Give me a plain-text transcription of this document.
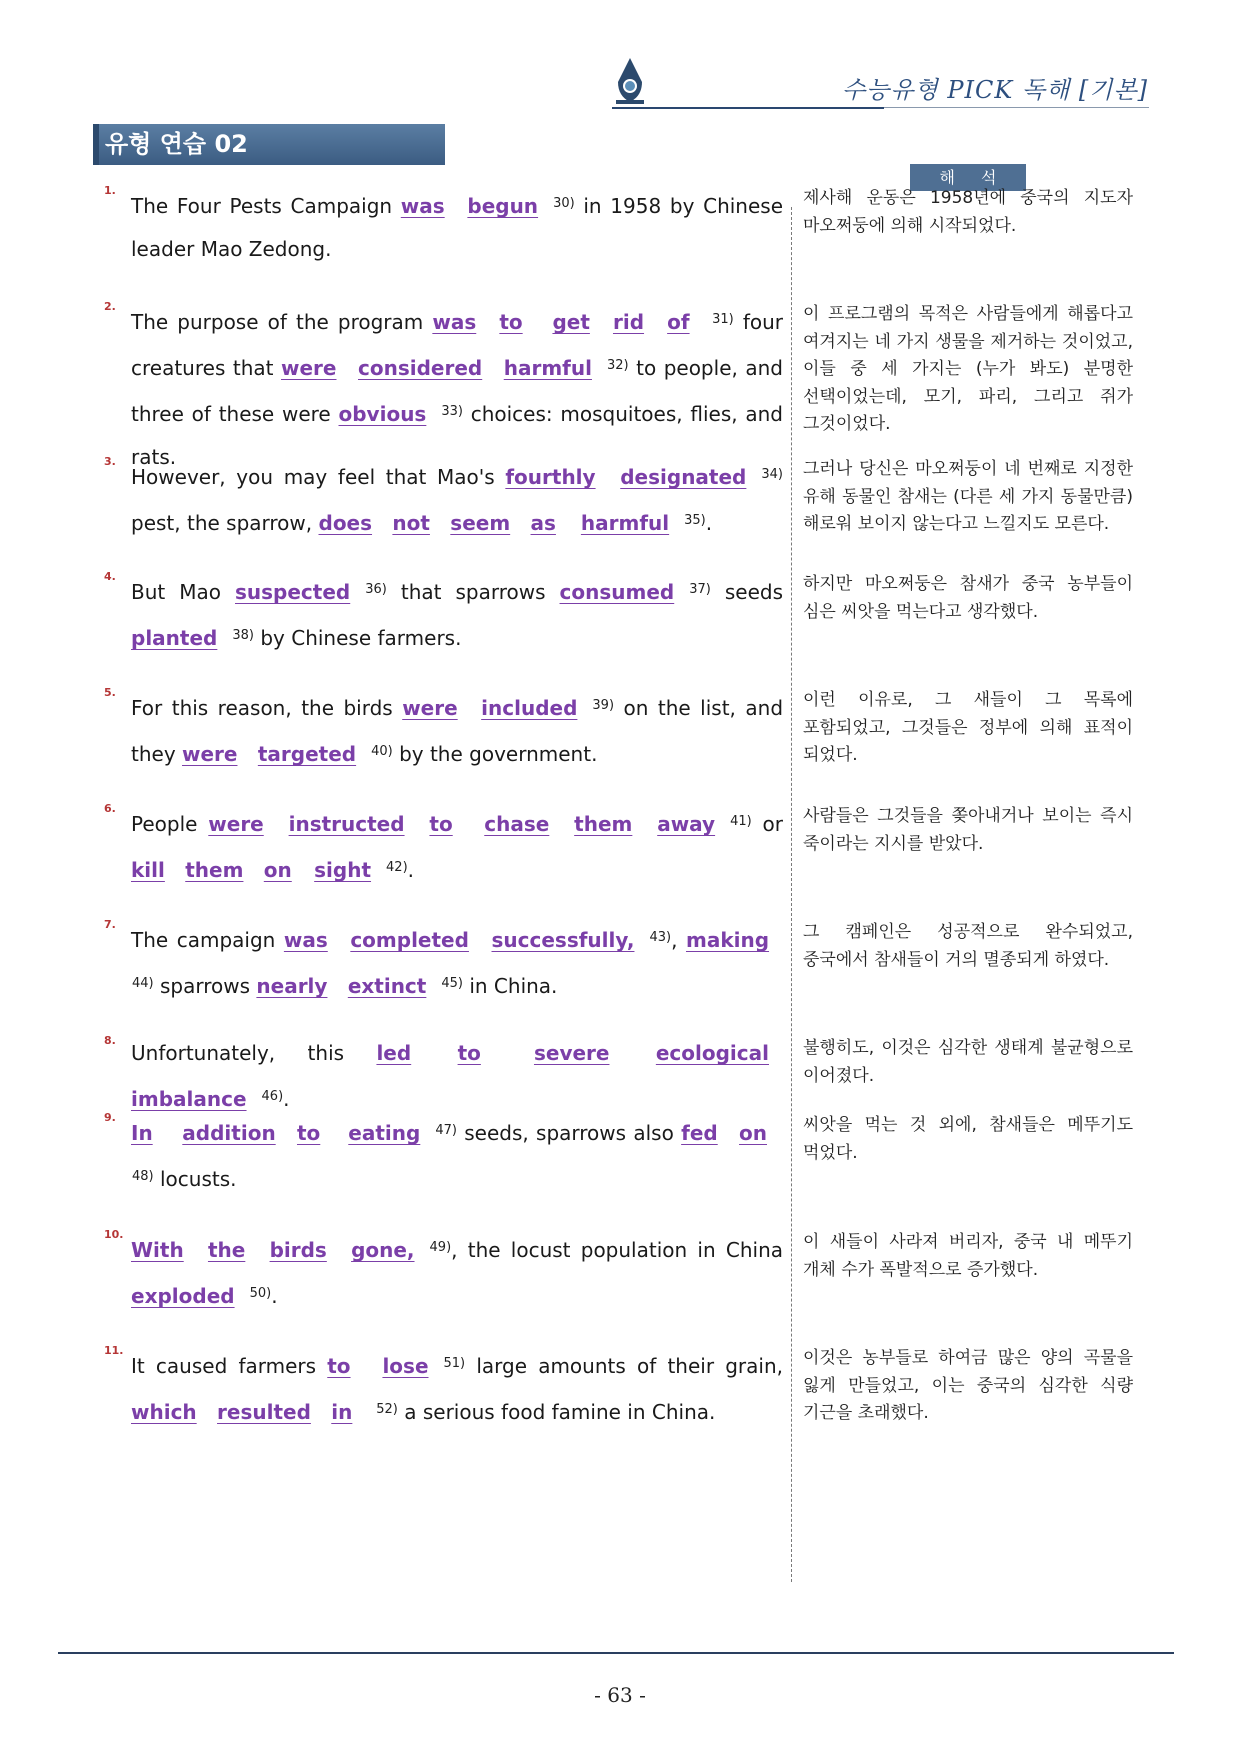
수능유형 PICK 독해 [기본]
유형 연습 02
해석
1.
The Four Pests Campaign was begun $^{30)}$ in 1958 by Chinese leader Mao Zedong.
제사해 운동은 1958년에 중국의 지도자 마오쩌둥에 의해 시작되었다.
2.
The purpose of the program was to get rid of $^{31)}$ four creatures that were considered harmful $^{32)}$ to people, and three of these were obvious $^{33)}$ choices: mosquitoes, flies, and rats.
이 프로그램의 목적은 사람들에게 해롭다고 여겨지는 네 가지 생물을 제거하는 것이었고, 이들 중 세 가지는 (누가 봐도) 분명한 선택이었는데, 모기, 파리, 그리고 쥐가 그것이었다.
3.
However, you may feel that Mao's fourthly designated $^{34)}$ pest, the sparrow, does not seem as harmful $^{35)}$.
그러나 당신은 마오쩌둥이 네 번째로 지정한 유해 동물인 참새는 (다른 세 가지 동물만큼) 해로워 보이지 않는다고 느낄지도 모른다.
4.
But Mao suspected $^{36)}$ that sparrows consumed $^{37)}$ seeds planted $^{38)}$ by Chinese farmers.
하지만 마오쩌둥은 참새가 중국 농부들이 심은 씨앗을 먹는다고 생각했다.
5.
For this reason, the birds were included $^{39)}$ on the list, and they were targeted $^{40)}$ by the government.
이런 이유로, 그 새들이 그 목록에 포함되었고, 그것들은 정부에 의해 표적이 되었다.
6.
People were instructed to chase them away $^{41)}$ or kill them on sight $^{42)}$.
사람들은 그것들을 쫒아내거나 보이는 즉시 죽이라는 지시를 받았다.
7.
The campaign was completed successfully, $^{43)}$, making$^{44)}$ sparrows nearly extinct $^{45)}$ in China.
그 캠페인은 성공적으로 완수되었고, 중국에서 참새들이 거의 멸종되게 하였다.
8.
Unfortunately, this led to	severe ecological imbalance $^{46)}$.
불행히도, 이것은 심각한 생태계 불균형으로 이어졌다.
9.
In addition to eating $^{47)}$ seeds, sparrows also fed $on^{48)}$ locusts.
씨앗을 먹는 것 외에, 참새들은 메뚜기도 먹었다.
10.
With the birds gone, $^{49)}$, the locust population in China exploded $^{50)}$.
이 새들이 사라져 버리자, 중국 내 메뚜기 개체 수가 폭발적으로 증가했다.
11.
It caused farmers to lose $^{51)}$ large amounts of their grain, which resulted in $^{52)}$ a serious food famine in China.
이것은 농부들로 하여금 많은 양의 곡물을 잃게 만들었고, 이는 중국의 심각한 식량 기근을 초래했다.
- 63 -
